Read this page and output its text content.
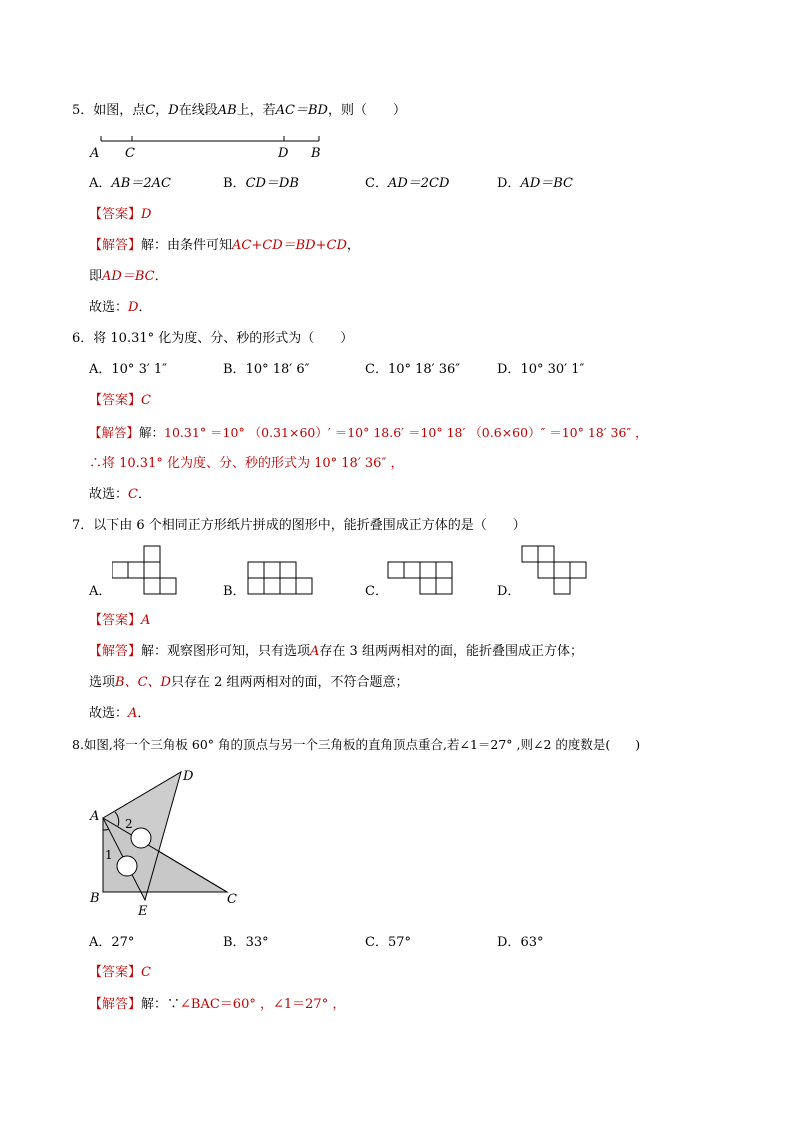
5．如图，点C，D在线段AB上，若AC＝BD，则（　　）
A C	D B
A．AB＝2AC	B．CD＝DB	C．AD＝2CD	D．AD＝BC
【答案】D
【解答】解：由条件可知AC+CD＝BD+CD，
即AD＝BC．
故选：D．
6．将 10.31° 化为度、分、秒的形式为（　　）
A．10° 3′ 1″	B．10° 18′ 6″	C．10° 18′ 36″	D．10° 30′ 1″
【答案】C
【解答】解：10.31° ＝10° （0.31×60）′ ＝10° 18.6′ ＝10° 18′ （0.6×60）″ ＝10° 18′ 36″ ，
∴将 10.31° 化为度、分、秒的形式为 10° 18′ 36″ ，
故选：C．
7．以下由 6 个相同正方形纸片拼成的图形中，能折叠围成正方体的是（　　）
A．	B．	C．	D．
【答案】A
【解答】解：观察图形可知，只有选项A存在 3 组两两相对的面，能折叠围成正方体；
选项B、C、D只存在 2 组两两相对的面，不符合题意；
故选：A．
8.如图,将一个三角板 60° 角的顶点与另一个三角板的直角顶点重合,若∠1＝27° ,则∠2 的度数是(　　)
A
D
B	C
E
2
1
A．27°	B．33°	C．57°	D．63°
【答案】C
【解答】解：∵∠BAC＝60° ，∠1＝27° ，
